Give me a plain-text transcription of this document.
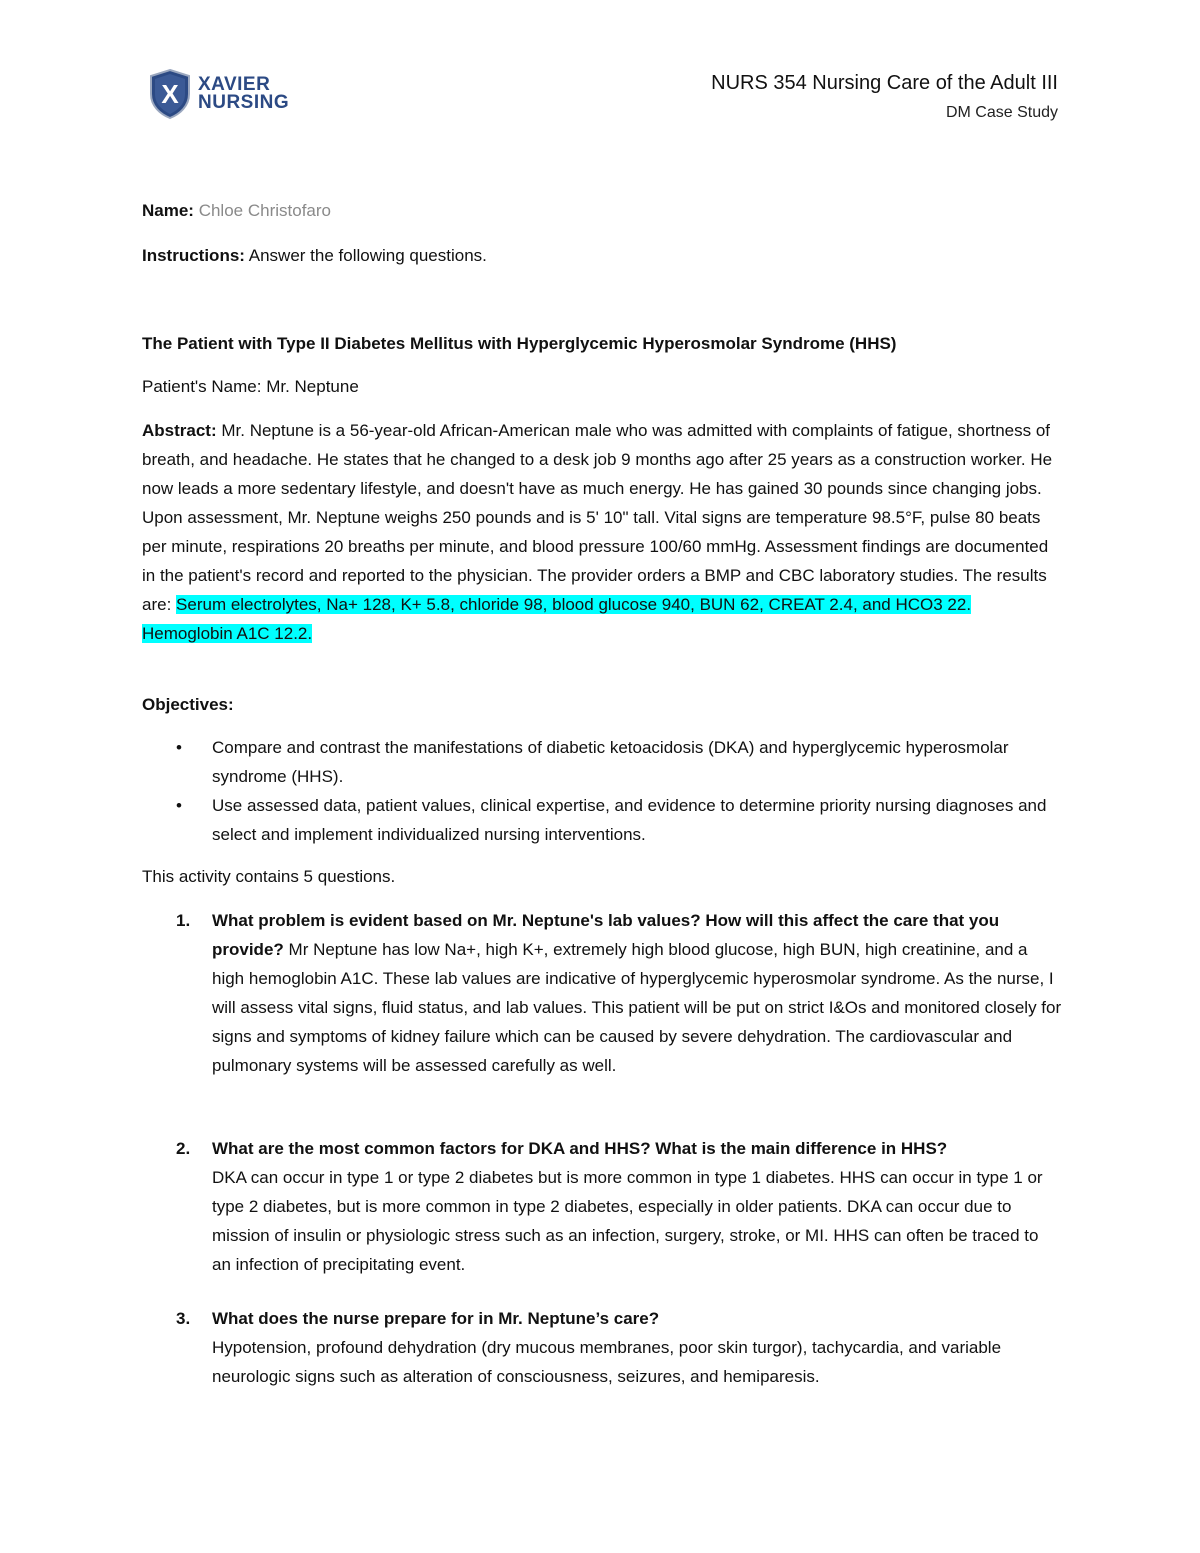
X XAVIER
NURSING
NURS 354 Nursing Care of the Adult III
DM Case Study
Name: Chloe Christofaro
Instructions: Answer the following questions.
The Patient with Type II Diabetes Mellitus with Hyperglycemic Hyperosmolar Syndrome (HHS)
Patient's Name: Mr. Neptune
Abstract: Mr. Neptune is a 56-year-old African-American male who was admitted with complaints of fatigue, shortness of breath, and headache. He states that he changed to a desk job 9 months ago after 25 years as a construction worker. He now leads a more sedentary lifestyle, and doesn't have as much energy. He has gained 30 pounds since changing jobs. Upon assessment, Mr. Neptune weighs 250 pounds and is 5' 10" tall. Vital signs are temperature 98.5°F, pulse 80 beats per minute, respirations 20 breaths per minute, and blood pressure 100/60 mmHg. Assessment findings are documented in the patient's record and reported to the physician. The provider orders a BMP and CBC laboratory studies. The results are: Serum electrolytes, Na+ 128, K+ 5.8, chloride 98, blood glucose 940, BUN 62, CREAT 2.4, and HCO3 22. Hemoglobin A1C 12.2.
Objectives:
• Compare and contrast the manifestations of diabetic ketoacidosis (DKA) and hyperglycemic hyperosmolar syndrome (HHS).
• Use assessed data, patient values, clinical expertise, and evidence to determine priority nursing diagnoses and select and implement individualized nursing interventions.
This activity contains 5 questions.
1. What problem is evident based on Mr. Neptune's lab values? How will this affect the care that you provide? Mr Neptune has low Na+, high K+, extremely high blood glucose, high BUN, high creatinine, and a high hemoglobin A1C. These lab values are indicative of hyperglycemic hyperosmolar syndrome. As the nurse, I will assess vital signs, fluid status, and lab values. This patient will be put on strict I&Os and monitored closely for signs and symptoms of kidney failure which can be caused by severe dehydration. The cardiovascular and pulmonary systems will be assessed carefully as well.
2. What are the most common factors for DKA and HHS? What is the main difference in HHS?
DKA can occur in type 1 or type 2 diabetes but is more common in type 1 diabetes. HHS can occur in type 1 or type 2 diabetes, but is more common in type 2 diabetes, especially in older patients. DKA can occur due to mission of insulin or physiologic stress such as an infection, surgery, stroke, or MI. HHS can often be traced to an infection of precipitating event.
3. What does the nurse prepare for in Mr. Neptune’s care?
Hypotension, profound dehydration (dry mucous membranes, poor skin turgor), tachycardia, and variable neurologic signs such as alteration of consciousness, seizures, and hemiparesis.
